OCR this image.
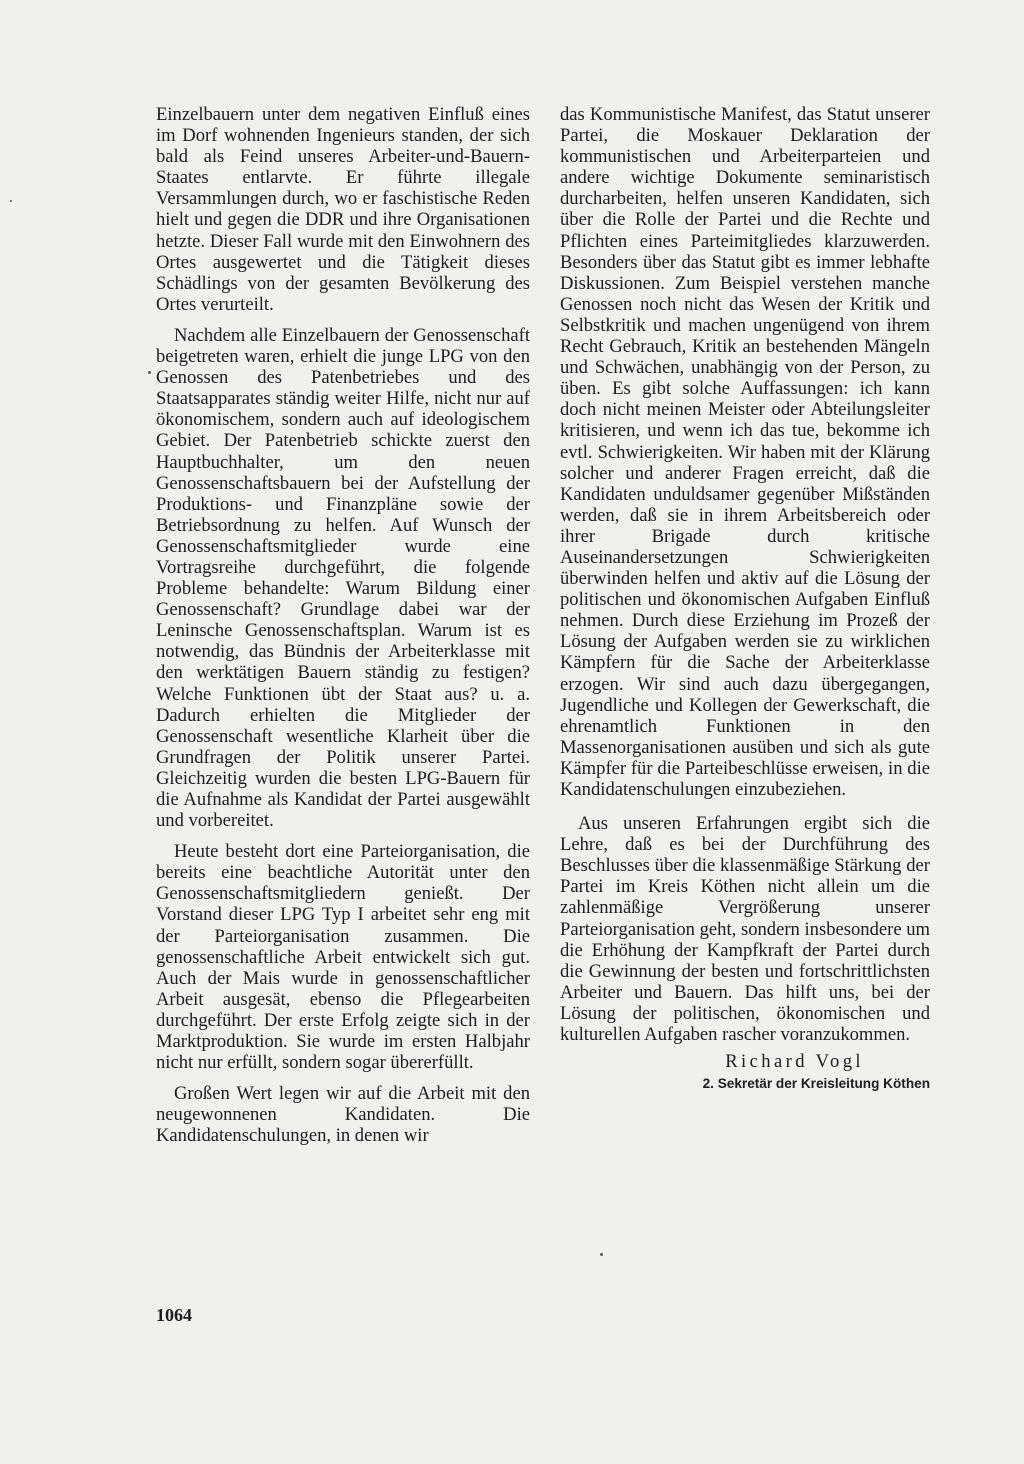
Einzelbauern unter dem negativen Einfluß eines im Dorf wohnenden Ingenieurs standen, der sich bald als Feind unseres Arbeiter-und-Bauern-Staates entlarvte. Er führte illegale Versammlungen durch, wo er faschistische Reden hielt und gegen die DDR und ihre Organisationen hetzte. Dieser Fall wurde mit den Einwohnern des Ortes ausgewertet und die Tätigkeit dieses Schädlings von der gesamten Bevölkerung des Ortes verurteilt.

Nachdem alle Einzelbauern der Genossenschaft beigetreten waren, erhielt die junge LPG von den Genossen des Patenbetriebes und des Staatsapparates ständig weiter Hilfe, nicht nur auf ökonomischem, sondern auch auf ideologischem Gebiet. Der Patenbetrieb schickte zuerst den Hauptbuchhalter, um den neuen Genossenschaftsbauern bei der Aufstellung der Produktions- und Finanzpläne sowie der Betriebsordnung zu helfen. Auf Wunsch der Genossenschaftsmitglieder wurde eine Vortragsreihe durchgeführt, die folgende Probleme behandelte: Warum Bildung einer Genossenschaft? Grundlage dabei war der Leninsche Genossenschaftsplan. Warum ist es notwendig, das Bündnis der Arbeiterklasse mit den werktätigen Bauern ständig zu festigen? Welche Funktionen übt der Staat aus? u. a. Dadurch erhielten die Mitglieder der Genossenschaft wesentliche Klarheit über die Grundfragen der Politik unserer Partei. Gleichzeitig wurden die besten LPG-Bauern für die Aufnahme als Kandidat der Partei ausgewählt und vorbereitet.

Heute besteht dort eine Parteiorganisation, die bereits eine beachtliche Autorität unter den Genossenschaftsmitgliedern genießt. Der Vorstand dieser LPG Typ I arbeitet sehr eng mit der Parteiorganisation zusammen. Die genossenschaftliche Arbeit entwickelt sich gut. Auch der Mais wurde in genossenschaftlicher Arbeit ausgesät, ebenso die Pflegearbeiten durchgeführt. Der erste Erfolg zeigte sich in der Marktproduktion. Sie wurde im ersten Halbjahr nicht nur erfüllt, sondern sogar übererfüllt.

Großen Wert legen wir auf die Arbeit mit den neugewonnenen Kandidaten. Die Kandidatenschulungen, in denen wir

das Kommunistische Manifest, das Statut unserer Partei, die Moskauer Deklaration der kommunistischen und Arbeiterparteien und andere wichtige Dokumente seminaristisch durcharbeiten, helfen unseren Kandidaten, sich über die Rolle der Partei und die Rechte und Pflichten eines Parteimitgliedes klarzuwerden. Besonders über das Statut gibt es immer lebhafte Diskussionen. Zum Beispiel verstehen manche Genossen noch nicht das Wesen der Kritik und Selbstkritik und machen ungenügend von ihrem Recht Gebrauch, Kritik an bestehenden Mängeln und Schwächen, unabhängig von der Person, zu üben. Es gibt solche Auffassungen: ich kann doch nicht meinen Meister oder Abteilungsleiter kritisieren, und wenn ich das tue, bekomme ich evtl. Schwierigkeiten. Wir haben mit der Klärung solcher und anderer Fragen erreicht, daß die Kandidaten unduldsamer gegenüber Mißständen werden, daß sie in ihrem Arbeitsbereich oder ihrer Brigade durch kritische Auseinandersetzungen Schwierigkeiten überwinden helfen und aktiv auf die Lösung der politischen und ökonomischen Aufgaben Einfluß nehmen. Durch diese Erziehung im Prozeß der Lösung der Aufgaben werden sie zu wirklichen Kämpfern für die Sache der Arbeiterklasse erzogen. Wir sind auch dazu übergegangen, Jugendliche und Kollegen der Gewerkschaft, die ehrenamtlich Funktionen in den Massenorganisationen ausüben und sich als gute Kämpfer für die Parteibeschlüsse erweisen, in die Kandidatenschulungen einzubeziehen.

Aus unseren Erfahrungen ergibt sich die Lehre, daß es bei der Durchführung des Beschlusses über die klassenmäßige Stärkung der Partei im Kreis Köthen nicht allein um die zahlenmäßige Vergrößerung unserer Parteiorganisation geht, sondern insbesondere um die Erhöhung der Kampfkraft der Partei durch die Gewinnung der besten und fortschrittlichsten Arbeiter und Bauern. Das hilft uns, bei der Lösung der politischen, ökonomischen und kulturellen Aufgaben rascher voranzukommen.

Richard Vogl
2. Sekretär der Kreisleitung Köthen
1064
